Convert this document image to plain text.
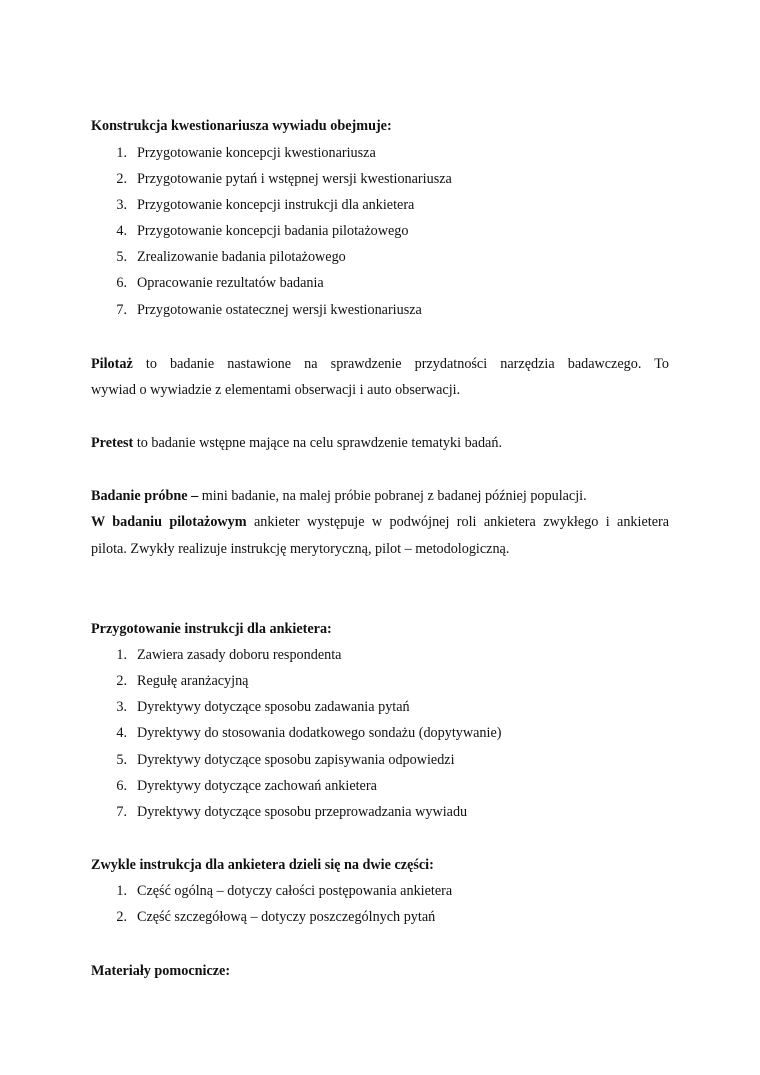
Konstrukcja kwestionariusza wywiadu obejmuje:
1. Przygotowanie koncepcji kwestionariusza
2. Przygotowanie pytań i wstępnej wersji kwestionariusza
3. Przygotowanie koncepcji instrukcji dla ankietera
4. Przygotowanie koncepcji badania pilotażowego
5. Zrealizowanie badania pilotażowego
6. Opracowanie rezultatów badania
7. Przygotowanie ostatecznej wersji kwestionariusza
Pilotaż to badanie nastawione na sprawdzenie przydatności narzędzia badawczego. To
wywiad o wywiadzie z elementami obserwacji i auto obserwacji.
Pretest to badanie wstępne mające na celu sprawdzenie tematyki badań.
Badanie próbne – mini badanie, na malej próbie pobranej z badanej później populacji.
W badaniu pilotażowym ankieter występuje w podwójnej roli ankietera zwykłego i ankietera
pilota. Zwykły realizuje instrukcję merytoryczną, pilot – metodologiczną.
Przygotowanie instrukcji dla ankietera:
1. Zawiera zasady doboru respondenta
2. Regułę aranżacyjną
3. Dyrektywy dotyczące sposobu zadawania pytań
4. Dyrektywy do stosowania dodatkowego sondażu (dopytywanie)
5. Dyrektywy dotyczące sposobu zapisywania odpowiedzi
6. Dyrektywy dotyczące zachowań ankietera
7. Dyrektywy dotyczące sposobu przeprowadzania wywiadu
Zwykle instrukcja dla ankietera dzieli się na dwie części:
1. Część ogólną – dotyczy całości postępowania ankietera
2. Część szczegółową – dotyczy poszczególnych pytań
Materiały pomocnicze:
